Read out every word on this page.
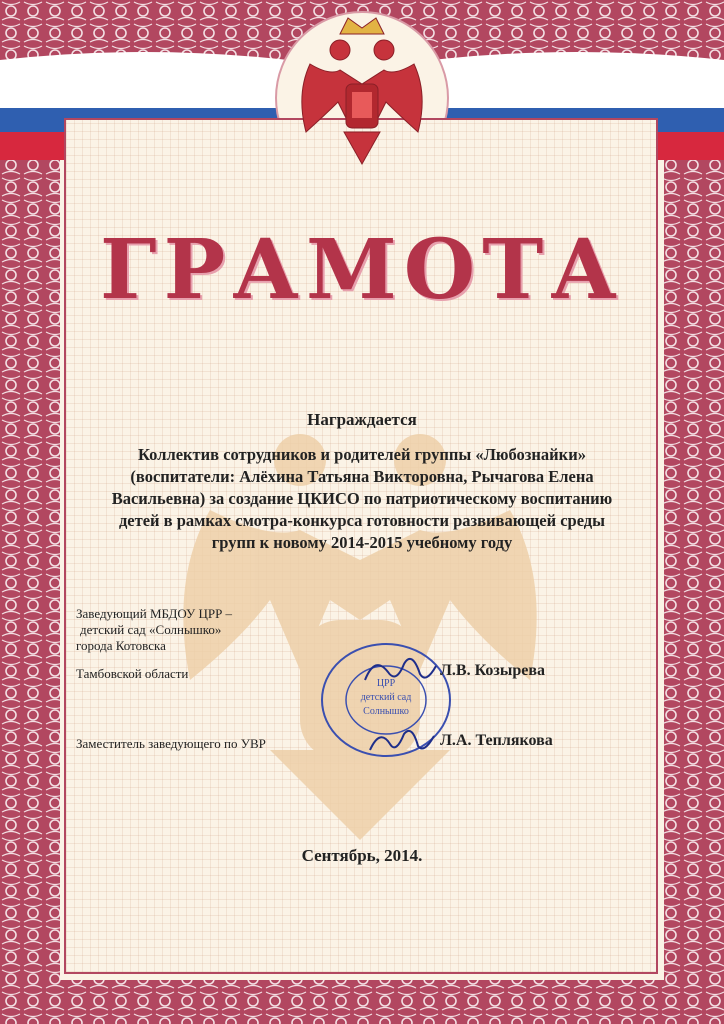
ГРАМОТА
Награждается
Коллектив сотрудников и родителей группы «Любознайки»
(воспитатели: Алёхина Татьяна Викторовна, Рычагова Елена
Васильевна) за создание ЦКИСО по патриотическому воспитанию
детей в рамках смотра-конкурса готовности развивающей среды
групп к новому 2014-2015 учебному году
Заведующий МБДОУ ЦРР –
детский сад «Солнышко»
города Котовска
Тамбовской области
ЦРР
детский сад
Солнышко
Л.В. Козырева
Заместитель заведующего по УВР	Л.А. Теплякова
Сентябрь, 2014.
